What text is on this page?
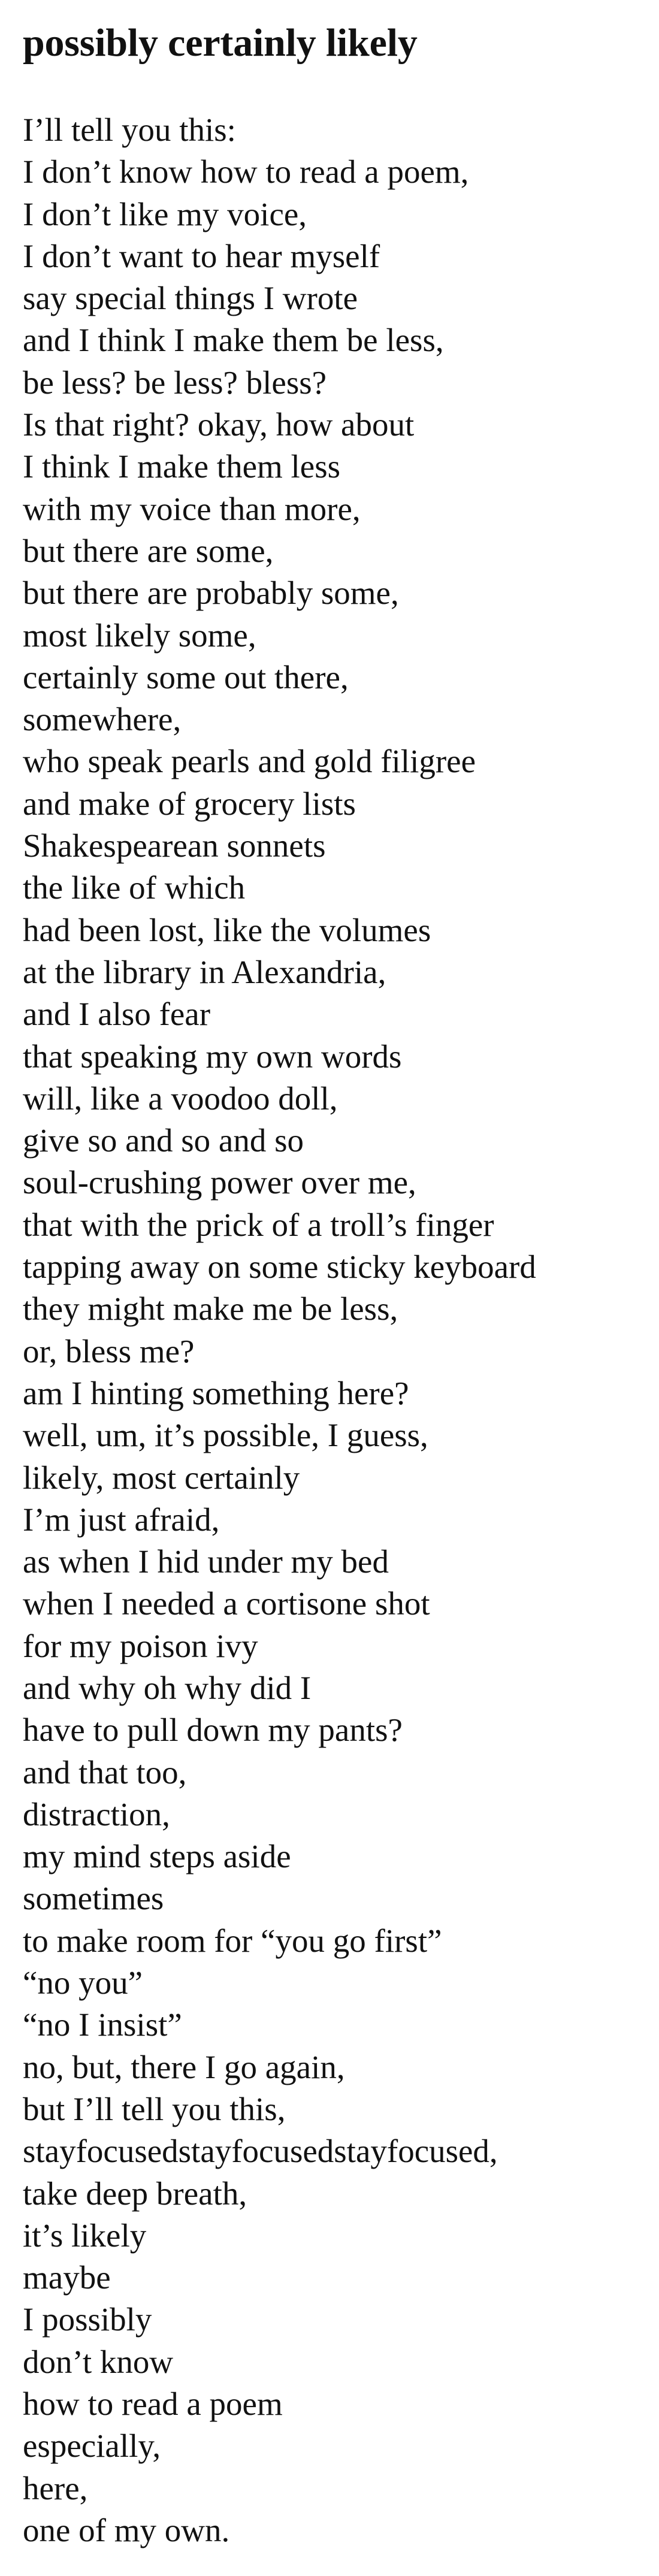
possibly certainly likely
I’ll tell you this:
I don’t know how to read a poem,
I don’t like my voice,
I don’t want to hear myself
say special things I wrote
and I think I make them be less,
be less? be less? bless?
Is that right? okay, how about
I think I make them less
with my voice than more,
but there are some,
but there are probably some,
most likely some,
certainly some out there,
somewhere,
who speak pearls and gold filigree
and make of grocery lists
Shakespearean sonnets
the like of which
had been lost, like the volumes
at the library in Alexandria,
and I also fear
that speaking my own words
will, like a voodoo doll,
give so and so and so
soul-crushing power over me,
that with the prick of a troll’s finger
tapping away on some sticky keyboard
they might make me be less,
or, bless me?
am I hinting something here?
well, um, it’s possible, I guess,
likely, most certainly
I’m just afraid,
as when I hid under my bed
when I needed a cortisone shot
for my poison ivy
and why oh why did I
have to pull down my pants?
and that too,
distraction,
my mind steps aside
sometimes
to make room for “you go first”
“no you”
“no I insist”
no, but, there I go again,
but I’ll tell you this,
stayfocusedstayfocusedstayfocused,
take deep breath,
it’s likely
maybe
I possibly
don’t know
how to read a poem
especially,
here,
one of my own.
